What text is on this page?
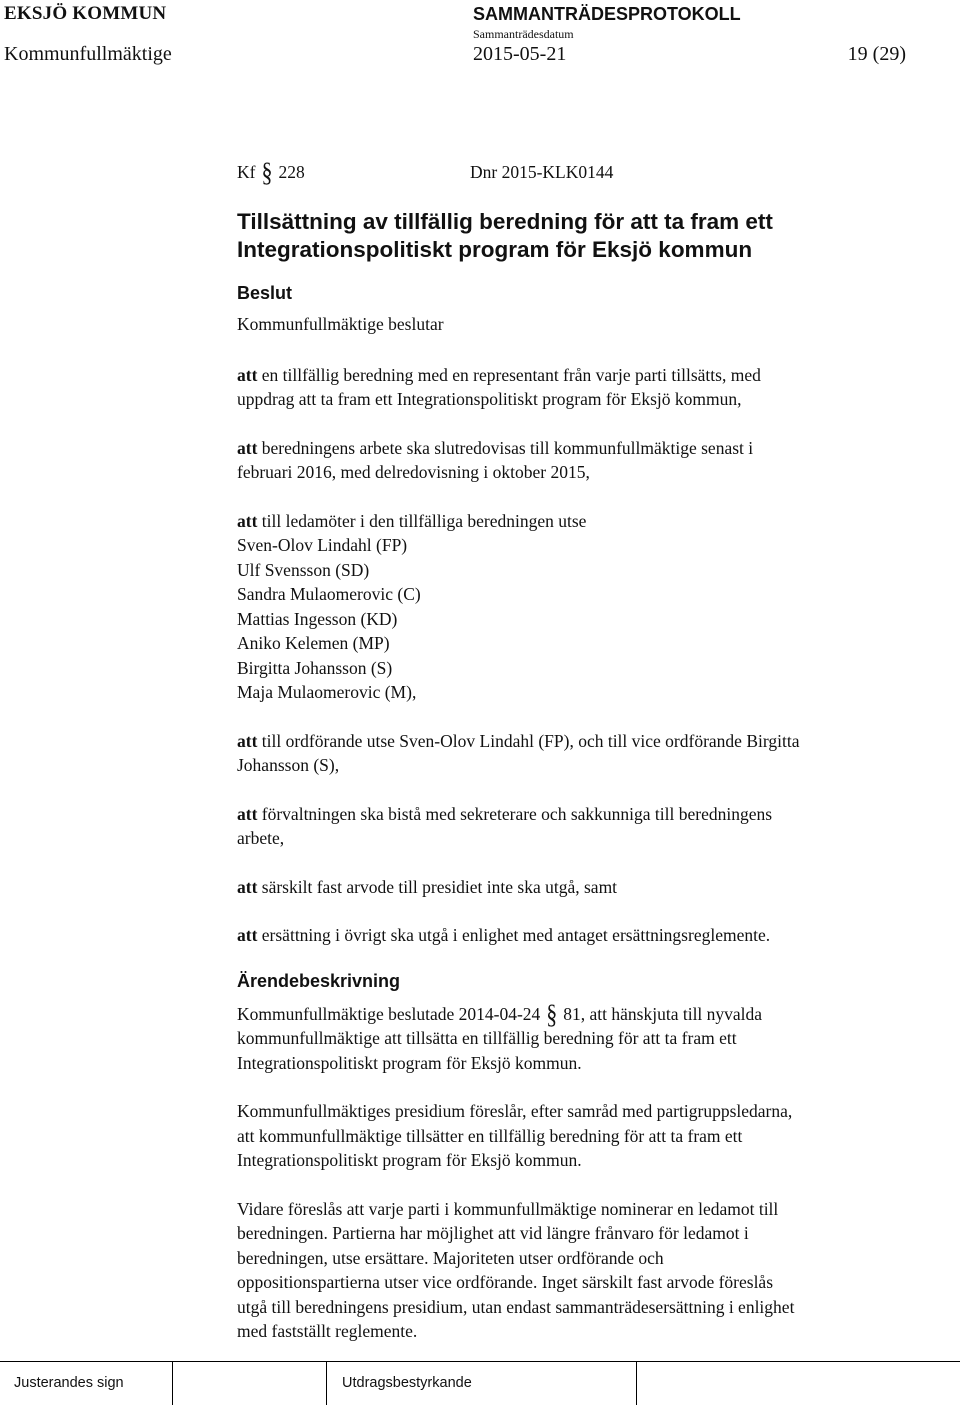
EKSJÖ KOMMUN	SAMMANTRÄDESPROTOKOLL
Sammanträdesdatum
Kommunfullmäktige	2015-05-21	19 (29)
Kf § 228	Dnr 2015-KLK0144
Tillsättning av tillfällig beredning för att ta fram ett
Integrationspolitiskt program för Eksjö kommun
Beslut

Kommunfullmäktige beslutar

att en tillfällig beredning med en representant från varje parti tillsätts, med
uppdrag att ta fram ett Integrationspolitiskt program för Eksjö kommun,

att beredningens arbete ska slutredovisas till kommunfullmäktige senast i
februari 2016, med delredovisning i oktober 2015,

att till ledamöter i den tillfälliga beredningen utse
Sven-Olov Lindahl (FP)
Ulf Svensson (SD)
Sandra Mulaomerovic (C)
Mattias Ingesson (KD)
Aniko Kelemen (MP)
Birgitta Johansson (S)
Maja Mulaomerovic (M),

att till ordförande utse Sven-Olov Lindahl (FP), och till vice ordförande Birgitta
Johansson (S),

att förvaltningen ska bistå med sekreterare och sakkunniga till beredningens
arbete,

att särskilt fast arvode till presidiet inte ska utgå, samt

att ersättning i övrigt ska utgå i enlighet med antaget ersättningsreglemente.

Ärendebeskrivning

Kommunfullmäktige beslutade 2014-04-24 § 81, att hänskjuta till nyvalda
kommunfullmäktige att tillsätta en tillfällig beredning för att ta fram ett
Integrationspolitiskt program för Eksjö kommun.

Kommunfullmäktiges presidium föreslår, efter samråd med partigruppsledarna,
att kommunfullmäktige tillsätter en tillfällig beredning för att ta fram ett
Integrationspolitiskt program för Eksjö kommun.

Vidare föreslås att varje parti i kommunfullmäktige nominerar en ledamot till
beredningen. Partierna har möjlighet att vid längre frånvaro för ledamot i
beredningen, utse ersättare. Majoriteten utser ordförande och
oppositionspartierna utser vice ordförande. Inget särskilt fast arvode föreslås
utgå till beredningens presidium, utan endast sammanträdesersättning i enlighet
med fastställt reglemente.

Justerandes sign	Utdragsbestyrkande
